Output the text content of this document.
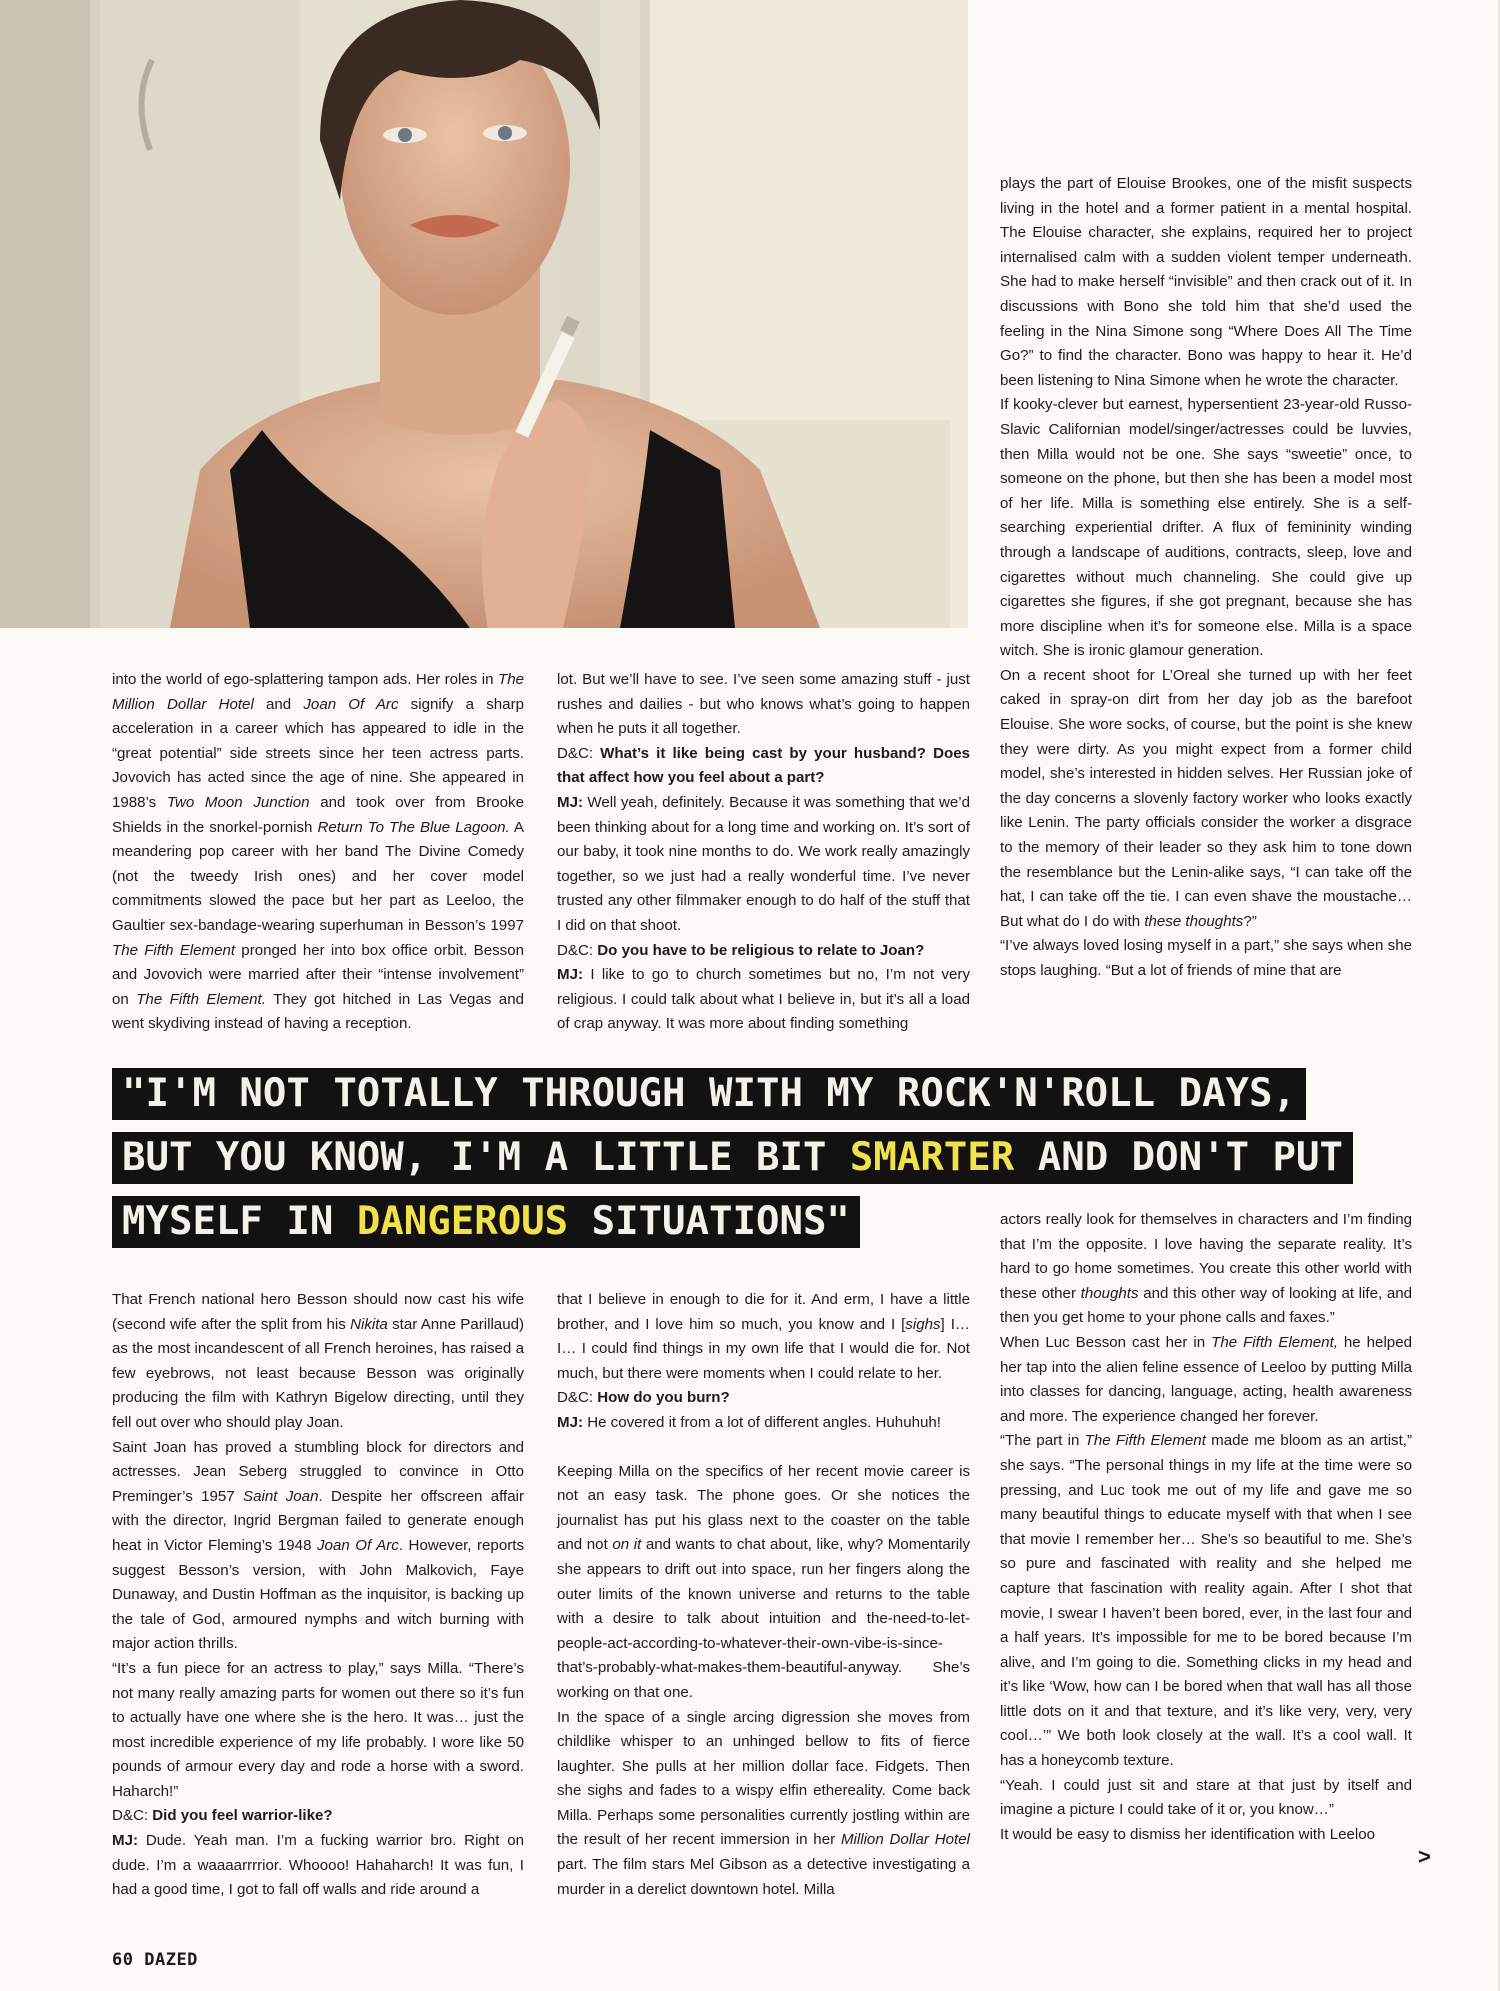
into the world of ego-splattering tampon ads. Her roles in The Million Dollar Hotel and Joan Of Arc signify a sharp acceleration in a career which has appeared to idle in the “great potential” side streets since her teen actress parts. Jovovich has acted since the age of nine. She appeared in 1988’s Two Moon Junction and took over from Brooke Shields in the snorkel-pornish Return To The Blue Lagoon. A meandering pop career with her band The Divine Comedy (not the tweedy Irish ones) and her cover model commitments slowed the pace but her part as Leeloo, the Gaultier sex-bandage-wearing superhuman in Besson’s 1997 The Fifth Element pronged her into box office orbit. Besson and Jovovich were married after their “intense involvement” on The Fifth Element. They got hitched in Las Vegas and went skydiving instead of having a reception.

lot. But we’ll have to see. I’ve seen some amazing stuff - just rushes and dailies - but who knows what’s going to happen when he puts it all together.

D&C: What’s it like being cast by your husband? Does that affect how you feel about a part?

MJ: Well yeah, definitely. Because it was something that we’d been thinking about for a long time and working on. It’s sort of our baby, it took nine months to do. We work really amazingly together, so we just had a really wonderful time. I’ve never trusted any other filmmaker enough to do half of the stuff that I did on that shoot.

D&C: Do you have to be religious to relate to Joan?

MJ: I like to go to church sometimes but no, I’m not very religious. I could talk about what I believe in, but it’s all a load of crap anyway. It was more about finding something

plays the part of Elouise Brookes, one of the misfit suspects living in the hotel and a former patient in a mental hospital. The Elouise character, she explains, required her to project internalised calm with a sudden violent temper underneath. She had to make herself “invisible” and then crack out of it. In discussions with Bono she told him that she’d used the feeling in the Nina Simone song “Where Does All The Time Go?” to find the character. Bono was happy to hear it. He’d been listening to Nina Simone when he wrote the character.

If kooky-clever but earnest, hypersentient 23-year-old Russo-Slavic Californian model/singer/actresses could be luvvies, then Milla would not be one. She says “sweetie” once, to someone on the phone, but then she has been a model most of her life. Milla is something else entirely. She is a self-searching experiential drifter. A flux of femininity winding through a landscape of auditions, contracts, sleep, love and cigarettes without much channeling. She could give up cigarettes she figures, if she got pregnant, because she has more discipline when it’s for someone else. Milla is a space witch. She is ironic glamour generation.

On a recent shoot for L’Oreal she turned up with her feet caked in spray-on dirt from her day job as the barefoot Elouise. She wore socks, of course, but the point is she knew they were dirty. As you might expect from a former child model, she’s interested in hidden selves. Her Russian joke of the day concerns a slovenly factory worker who looks exactly like Lenin. The party officials consider the worker a disgrace to the memory of their leader so they ask him to tone down the resemblance but the Lenin-alike says, “I can take off the hat, I can take off the tie. I can even shave the moustache… But what do I do with these thoughts?”

“I’ve always loved losing myself in a part,” she says when she stops laughing. “But a lot of friends of mine that are

"I'M NOT TOTALLY THROUGH WITH MY ROCK'N'ROLL DAYS,
BUT YOU KNOW, I'M A LITTLE BIT SMARTER AND DON'T PUT
MYSELF IN DANGEROUS SITUATIONS"

That French national hero Besson should now cast his wife (second wife after the split from his Nikita star Anne Parillaud) as the most incandescent of all French heroines, has raised a few eyebrows, not least because Besson was originally producing the film with Kathryn Bigelow directing, until they fell out over who should play Joan.

Saint Joan has proved a stumbling block for directors and actresses. Jean Seberg struggled to convince in Otto Preminger’s 1957 Saint Joan. Despite her offscreen affair with the director, Ingrid Bergman failed to generate enough heat in Victor Fleming’s 1948 Joan Of Arc. However, reports suggest Besson’s version, with John Malkovich, Faye Dunaway, and Dustin Hoffman as the inquisitor, is backing up the tale of God, armoured nymphs and witch burning with major action thrills.

“It’s a fun piece for an actress to play,” says Milla. “There’s not many really amazing parts for women out there so it’s fun to actually have one where she is the hero. It was… just the most incredible experience of my life probably. I wore like 50 pounds of armour every day and rode a horse with a sword. Haharch!”

D&C: Did you feel warrior-like?

MJ: Dude. Yeah man. I’m a fucking warrior bro. Right on dude. I’m a waaaarrrrior. Whoooo! Hahaharch! It was fun, I had a good time, I got to fall off walls and ride around a

that I believe in enough to die for it. And erm, I have a little brother, and I love him so much, you know and I [sighs] I… I… I could find things in my own life that I would die for. Not much, but there were moments when I could relate to her.

D&C: How do you burn?

MJ: He covered it from a lot of different angles. Huhuhuh!

Keeping Milla on the specifics of her recent movie career is not an easy task. The phone goes. Or she notices the journalist has put his glass next to the coaster on the table and not on it and wants to chat about, like, why? Momentarily she appears to drift out into space, run her fingers along the outer limits of the known universe and returns to the table with a desire to talk about intuition and the-need-to-let-people-act-according-to-whatever-their-own-vibe-is-since-that’s-probably-what-makes-them-beautiful-anyway. She’s working on that one.

In the space of a single arcing digression she moves from childlike whisper to an unhinged bellow to fits of fierce laughter. She pulls at her million dollar face. Fidgets. Then she sighs and fades to a wispy elfin ethereality. Come back Milla. Perhaps some personalities currently jostling within are the result of her recent immersion in her Million Dollar Hotel part. The film stars Mel Gibson as a detective investigating a murder in a derelict downtown hotel. Milla

actors really look for themselves in characters and I’m finding that I’m the opposite. I love having the separate reality. It’s hard to go home sometimes. You create this other world with these other thoughts and this other way of looking at life, and then you get home to your phone calls and faxes.”

When Luc Besson cast her in The Fifth Element, he helped her tap into the alien feline essence of Leeloo by putting Milla into classes for dancing, language, acting, health awareness and more. The experience changed her forever.

“The part in The Fifth Element made me bloom as an artist,” she says. “The personal things in my life at the time were so pressing, and Luc took me out of my life and gave me so many beautiful things to educate myself with that when I see that movie I remember her… She’s so beautiful to me. She’s so pure and fascinated with reality and she helped me capture that fascination with reality again. After I shot that movie, I swear I haven’t been bored, ever, in the last four and a half years. It’s impossible for me to be bored because I’m alive, and I’m going to die. Something clicks in my head and it’s like ‘Wow, how can I be bored when that wall has all those little dots on it and that texture, and it’s like very, very, very cool…’” We both look closely at the wall. It’s a cool wall. It has a honeycomb texture.

“Yeah. I could just sit and stare at that just by itself and imagine a picture I could take of it or, you know…”

It would be easy to dismiss her identification with Leeloo

>
60 DAZED
